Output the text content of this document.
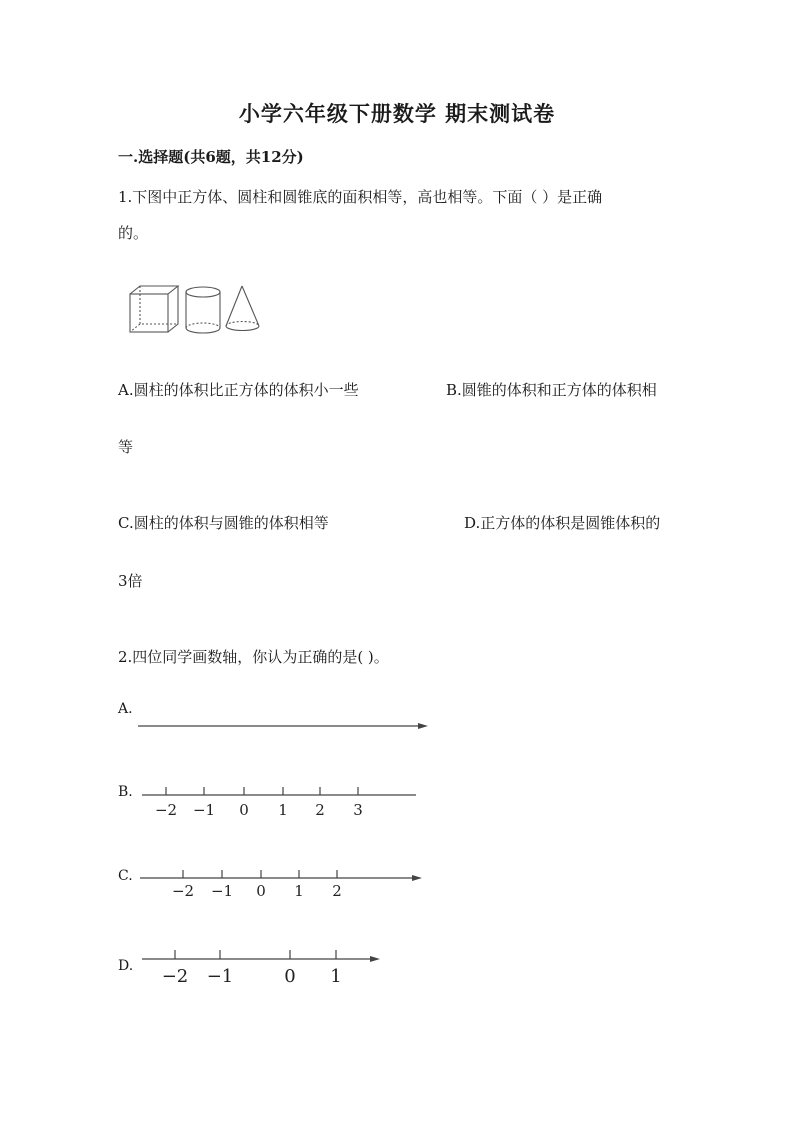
小学六年级下册数学 期末测试卷
一.选择题(共6题，共12分)
1.下图中正方体、圆柱和圆锥底的面积相等，高也相等。下面（ ）是正确
的。
A.圆柱的体积比正方体的体积小一些	B.圆锥的体积和正方体的体积相
等
C.圆柱的体积与圆锥的体积相等	D.正方体的体积是圆锥体积的
3倍
2.四位同学画数轴，你认为正确的是( )。
A.
B.
−2 −1 0 1 2 3
C.
−2 −1 0 1 2
D. −2 −1	0 1
